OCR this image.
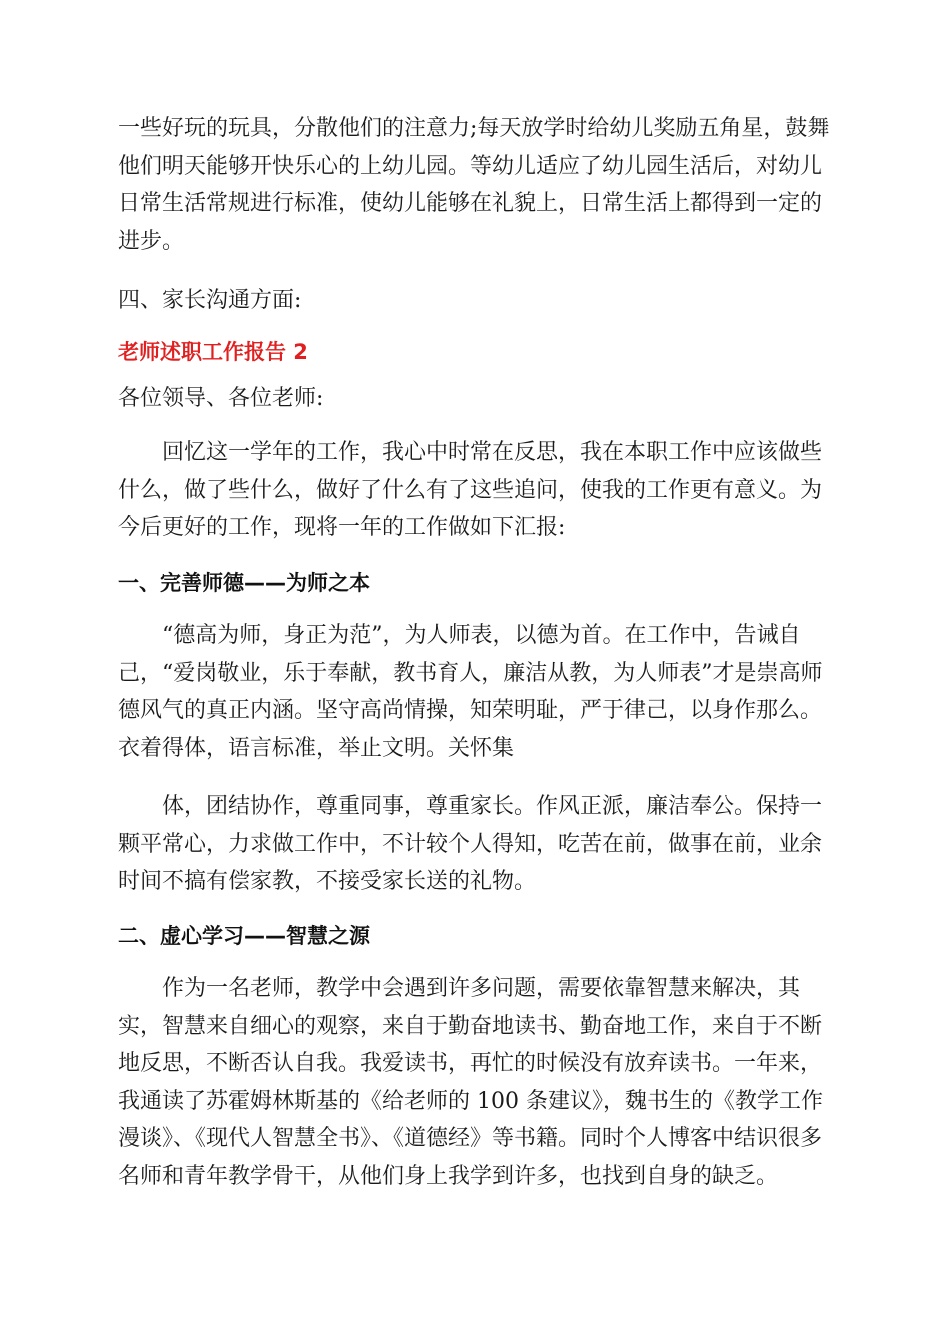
一些好玩的玩具，分散他们的注意力;每天放学时给幼儿奖励五角星，鼓舞他们明天能够开快乐心的上幼儿园。等幼儿适应了幼儿园生活后，对幼儿日常生活常规进行标准，使幼儿能够在礼貌上，日常生活上都得到一定的进步。

四、家长沟通方面:

老师述职工作报告 2

各位领导、各位老师:

回忆这一学年的工作，我心中时常在反思，我在本职工作中应该做些什么，做了些什么，做好了什么有了这些追问，使我的工作更有意义。为今后更好的工作，现将一年的工作做如下汇报:

一、完善师德——为师之本

“德高为师，身正为范”，为人师表，以德为首。在工作中，告诫自己，“爱岗敬业，乐于奉献，教书育人，廉洁从教，为人师表”才是崇高师德风气的真正内涵。坚守高尚情操，知荣明耻，严于律己，以身作那么。衣着得体，语言标准，举止文明。关怀集

体，团结协作，尊重同事，尊重家长。作风正派，廉洁奉公。保持一颗平常心，力求做工作中，不计较个人得知，吃苦在前，做事在前，业余时间不搞有偿家教，不接受家长送的礼物。

二、虚心学习——智慧之源

作为一名老师，教学中会遇到许多问题，需要依靠智慧来解决，其实，智慧来自细心的观察，来自于勤奋地读书、勤奋地工作，来自于不断地反思，不断否认自我。我爱读书，再忙的时候没有放弃读书。一年来，我通读了苏霍姆林斯基的《给老师的 100 条建议》，魏书生的《教学工作漫谈》、《现代人智慧全书》、《道德经》等书籍。同时个人博客中结识很多名师和青年教学骨干，从他们身上我学到许多，也找到自身的缺乏。
